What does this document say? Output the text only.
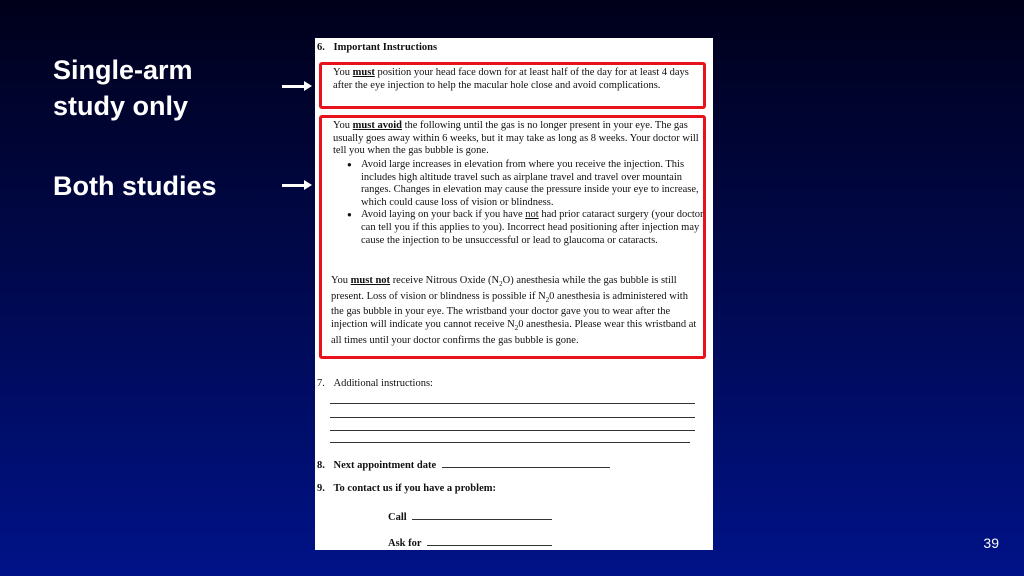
Single-arm study only
Both studies
6. Important Instructions
You must position your head face down for at least half of the day for at least 4 days after the eye injection to help the macular hole close and avoid complications.
You must avoid the following until the gas is no longer present in your eye. The gas usually goes away within 6 weeks, but it may take as long as 8 weeks. Your doctor will tell you when the gas bubble is gone.
● Avoid large increases in elevation from where you receive the injection. This includes high altitude travel such as airplane travel and travel over mountain ranges. Changes in elevation may cause the pressure inside your eye to increase, which could cause loss of vision or blindness.
● Avoid laying on your back if you have not had prior cataract surgery (your doctor can tell you if this applies to you). Incorrect head positioning after injection may cause the injection to be unsuccessful or lead to glaucoma or cataracts.
You must not receive Nitrous Oxide $(N_2O)$ anesthesia while the gas bubble is still present. Loss of vision or blindness is possible if $N_20$ anesthesia is administered with the gas bubble in your eye. The wristband your doctor gave you to wear after the injection will indicate you cannot receive $N_20$ anesthesia. Please wear this wristband at all times until your doctor confirms the gas bubble is gone.
7. Additional instructions:
8. Next appointment date
9. To contact us if you have a problem:
Call
Ask for	39
